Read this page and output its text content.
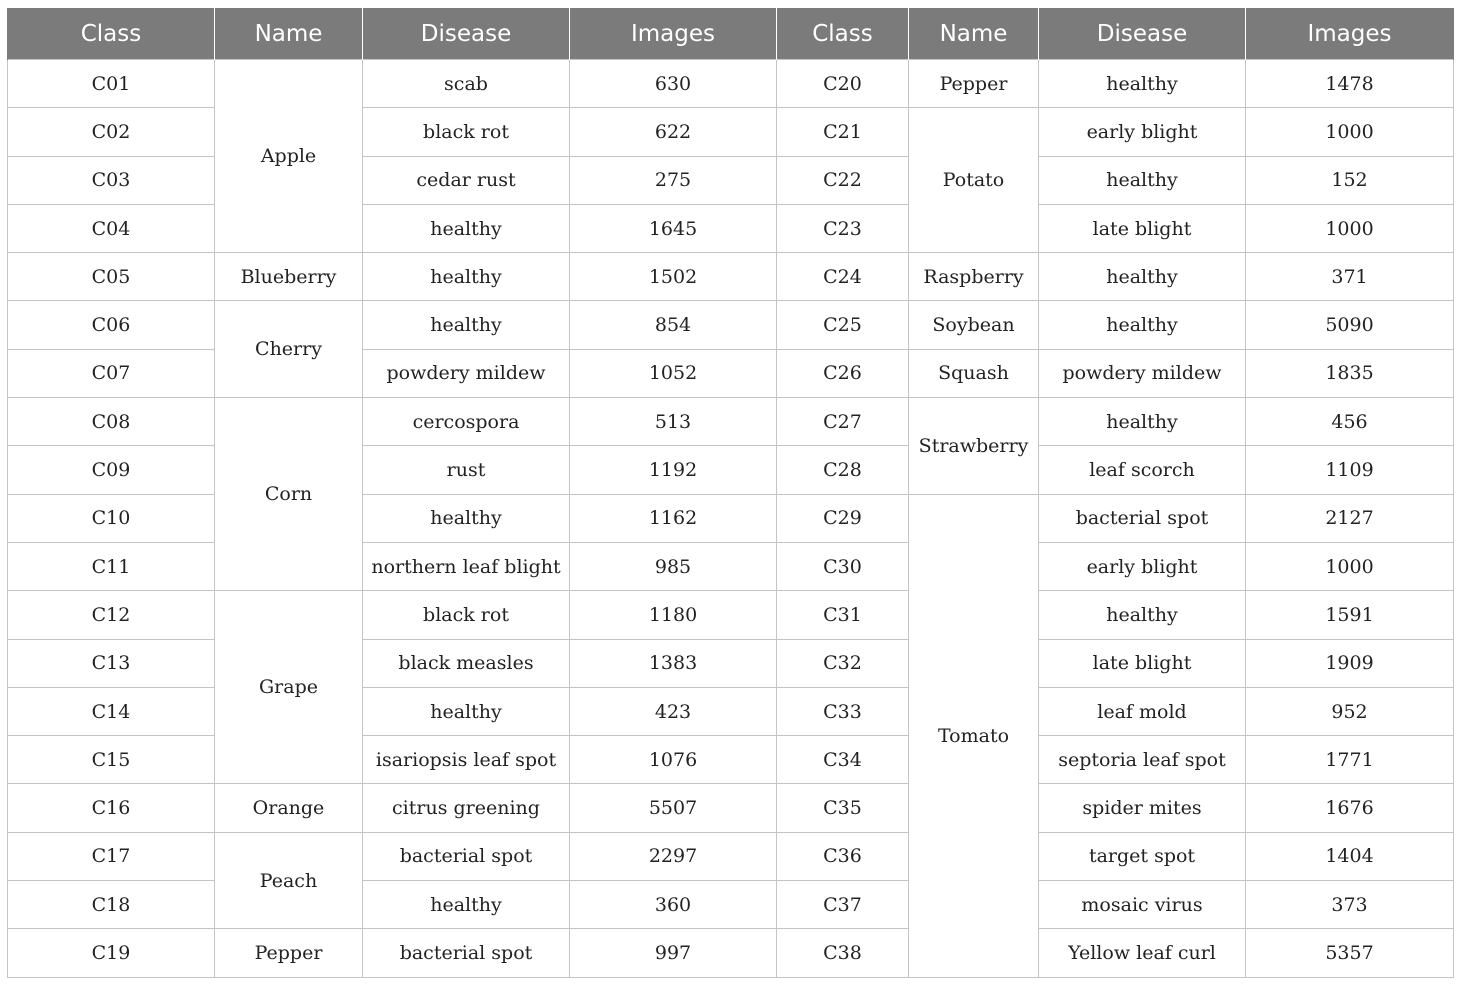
Class	Name	Disease	Images	Class	Name	Disease	Images
C01	Apple	scab	630	C20	Pepper	healthy	1478
C02		black rot	622	C21	Potato	early blight	1000
C03		cedar rust	275	C22		healthy	152
C04		healthy	1645	C23		late blight	1000
C05	Blueberry	healthy	1502	C24	Raspberry	healthy	371
C06	Cherry	healthy	854	C25	Soybean	healthy	5090
C07		powdery mildew	1052	C26	Squash	powdery mildew	1835
C08	Corn	cercospora	513	C27	Strawberry	healthy	456
C09		rust	1192	C28		leaf scorch	1109
C10		healthy	1162	C29	Tomato	bacterial spot	2127
C11		northern leaf blight	985	C30		early blight	1000
C12	Grape	black rot	1180	C31		healthy	1591
C13		black measles	1383	C32		late blight	1909
C14		healthy	423	C33		leaf mold	952
C15		isariopsis leaf spot	1076	C34		septoria leaf spot	1771
C16	Orange	citrus greening	5507	C35		spider mites	1676
C17	Peach	bacterial spot	2297	C36		target spot	1404
C18		healthy	360	C37		mosaic virus	373
C19	Pepper	bacterial spot	997	C38		Yellow leaf curl	5357
